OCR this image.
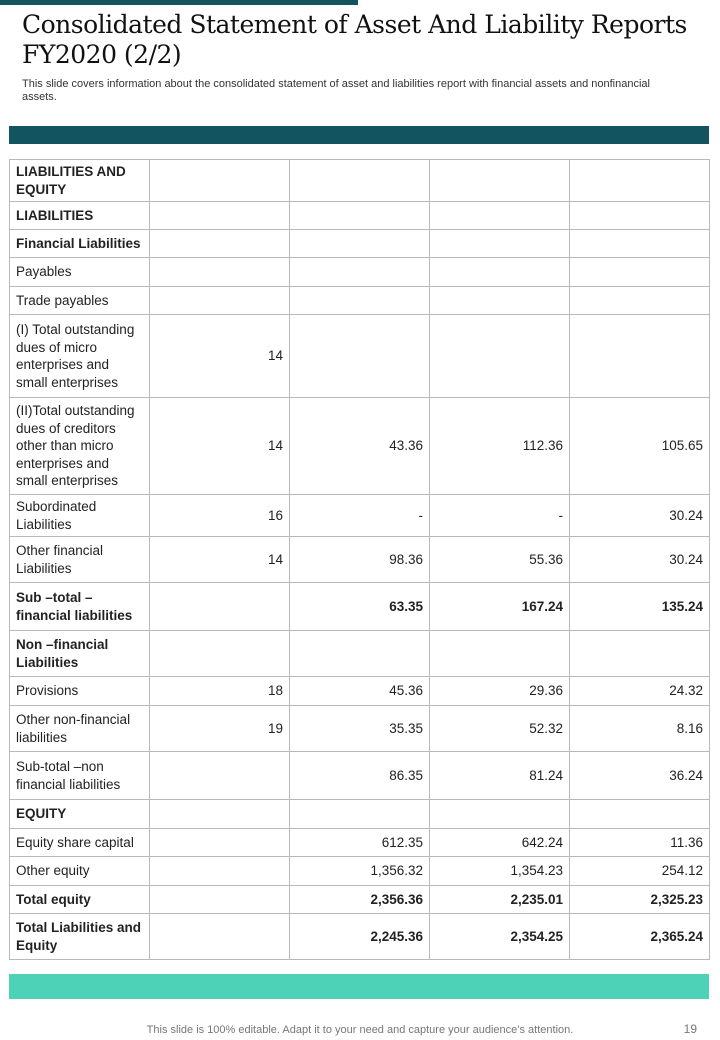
Consolidated Statement of Asset And Liability Reports FY2020 (2/2)

This slide covers information about the consolidated statement of asset and liabilities report with financial assets and nonfinancial assets.

LIABILITIES AND EQUITY				
LIABILITIES				
Financial Liabilities				
Payables				
Trade payables				
(I) Total outstanding dues of micro enterprises and small enterprises	14			
(II)Total outstanding dues of creditors other than micro enterprises and small enterprises	14	43.36	112.36	105.65
Subordinated Liabilities	16	-	-	30.24
Other financial Liabilities	14	98.36	55.36	30.24
Sub –total –financial liabilities		63.35	167.24	135.24
Non –financial Liabilities				
Provisions	18	45.36	29.36	24.32
Other non-financial liabilities	19	35.35	52.32	8.16
Sub-total –non financial liabilities		86.35	81.24	36.24
EQUITY				
Equity share capital		612.35	642.24	11.36
Other equity		1,356.32	1,354.23	254.12
Total equity		2,356.36	2,235.01	2,325.23
Total Liabilities and Equity		2,245.36	2,354.25	2,365.24
This slide is 100% editable. Adapt it to your need and capture your audience’s attention.	19
